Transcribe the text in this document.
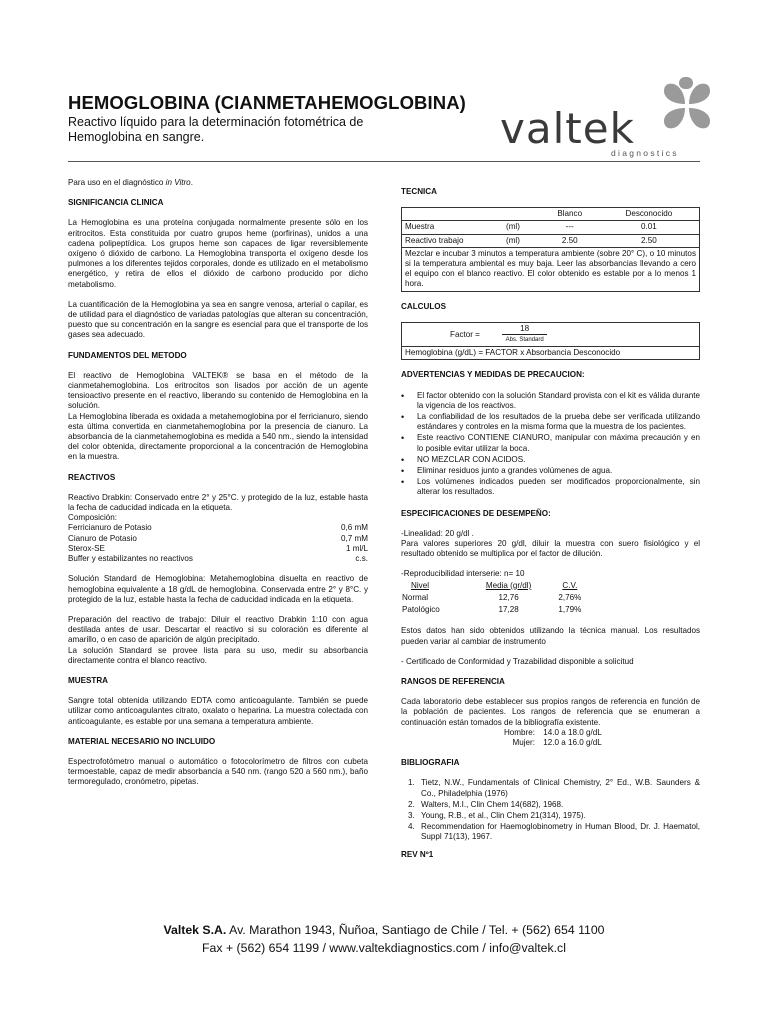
HEMOGLOBINA (CIANMETAHEMOGLOBINA)
Reactivo líquido para la determinación fotométrica de Hemoglobina en sangre.	valtek
diagnostics

Para uso en el diagnóstico in Vitro.

SIGNIFICANCIA CLINICA

La Hemoglobina es una proteína conjugada normalmente presente sólo en los eritrocitos. Esta constituida por cuatro grupos heme (porfirinas), unidos a una cadena polipeptídica. Los grupos heme son capaces de ligar reversiblemente oxígeno ó dióxido de carbono. La Hemoglobina transporta el oxígeno desde los pulmones a los diferentes tejidos corporales, donde es utilizado en el metabolismo energético, y retira de ellos el dióxido de carbono producido por dicho metabolismo.

La cuantificación de la Hemoglobina ya sea en sangre venosa, arterial o capilar, es de utilidad para el diagnóstico de variadas patologías que alteran su concentración, puesto que su concentración en la sangre es esencial para que el transporte de los gases sea adecuado.

FUNDAMENTOS DEL METODO

El reactivo de Hemoglobina VALTEK® se basa en el método de la cianmetahemoglobina. Los eritrocitos son lisados por acción de un agente tensioactivo presente en el reactivo, liberando su contenido de Hemoglobina en la solución.

La Hemoglobina liberada es oxidada a metahemoglobina por el ferricianuro, siendo esta última convertida en cianmetahemoglobina por la presencia de cianuro. La absorbancia de la cianmetahemoglobina es medida a 540 nm., siendo la intensidad del color obtenida, directamente proporcional a la concentración de Hemoglobina en la muestra.

REACTIVOS

Reactivo Drabkin: Conservado entre 2° y 25°C. y protegido de la luz, estable hasta la fecha de caducidad indicada en la etiqueta.

Composición:

Ferricianuro de Potasio	0,6 mM
Cianuro de Potasio	0,7 mM
Sterox-SE	1 ml/L
Buffer y estabilizantes no reactivos	c.s.

Solución Standard de Hemoglobina: Metahemoglobina disuelta en reactivo de hemoglobina equivalente a 18 g/dL de hemoglobina. Conservada entre 2° y 8°C. y protegido de la luz, estable hasta la fecha de caducidad indicada en la etiqueta.

Preparación del reactivo de trabajo: Diluir el reactivo Drabkin 1:10 con agua destilada antes de usar. Descartar el reactivo si su coloración es diferente al amarillo, o en caso de aparición de algún precipitado.

La solución Standard se provee lista para su uso, medir su absorbancia directamente contra el blanco reactivo.

MUESTRA

Sangre total obtenida utilizando EDTA como anticoagulante. También se puede utilizar como anticoagulantes citrato, oxalato o heparina. La muestra colectada con anticoagulante, es estable por una semana a temperatura ambiente.

MATERIAL NECESARIO NO INCLUIDO

Espectrofotómetro manual o automático o fotocolorímetro de filtros con cubeta termoestable, capaz de medir absorbancia a 540 nm. (rango 520 a 560 nm.), baño termoregulado, cronómetro, pipetas.

TECNICA

		Blanco	Desconocido
Muestra	(ml)	---	0.01
Reactivo trabajo	(ml)	2.50	2.50
Mezclar e incubar 3 minutos a temperatura ambiente (sobre 20° C), o 10 minutos si la temperatura ambiental es muy baja. Leer las absorbancias llevando a cero el equipo con el blanco reactivo. El color obtenido es estable por a lo menos 1 hora.			

CALCULOS

Factor =	$\frac{18}{\text{Abs. Standard}}$

Hemoglobina (g/dL) = FACTOR x Absorbancia Desconocido

ADVERTENCIAS Y MEDIDAS DE PRECAUCION:

• El factor obtenido con la solución Standard provista con el kit es válida durante la vigencia de los reactivos.
• La confiabilidad de los resultados de la prueba debe ser verificada utilizando estándares y controles en la misma forma que la muestra de los pacientes.
• Este reactivo CONTIENE CIANURO, manipular con máxima precaución y en lo posible evitar utilizar la boca.
• NO MEZCLAR CON ACIDOS.
• Eliminar residuos junto a grandes volúmenes de agua.
• Los volúmenes indicados pueden ser modificados proporcionalmente, sin alterar los resultados.

ESPECIFICACIONES DE DESEMPEÑO:

-Linealidad: 20 g/dl .

Para valores superiores 20 g/dl, diluir la muestra con suero fisiológico y el resultado obtenido se multiplica por el factor de dilución.

-Reproducibilidad interserie: n= 10

Nivel	Media (gr/dl)	C.V.
Normal	12,76	2,76%
Patológico	17,28	1,79%

Estos datos han sido obtenidos utilizando la técnica manual. Los resultados pueden variar al cambiar de instrumento

- Certificado de Conformidad y Trazabilidad disponible a solicitud

RANGOS DE REFERENCIA

Cada laboratorio debe establecer sus propios rangos de referencia en función de la población de pacientes. Los rangos de referencia que se enumeran a continuación están tomados de la bibliografía existente.

Hombre: 14.0 a 18.0 g/dL
Mujer: 12.0 a 16.0 g/dL

BIBLIOGRAFIA

1. Tietz, N.W., Fundamentals of Clinical Chemistry, 2° Ed., W.B. Saunders & Co., Philadelphia (1976)
2. Walters, M.I., Clin Chem 14(682), 1968.
3. Young, R.B., et al., Clin Chem 21(314), 1975).
4. Recommendation for Haemoglobinometry in Human Blood, Dr. J. Haematol, Suppl 71(13), 1967.

REV Nº1

Valtek S.A. Av. Marathon 1943, Ñuñoa, Santiago de Chile / Tel. + (562) 654 1100
Fax + (562) 654 1199 / www.valtekdiagnostics.com / info@valtek.cl
